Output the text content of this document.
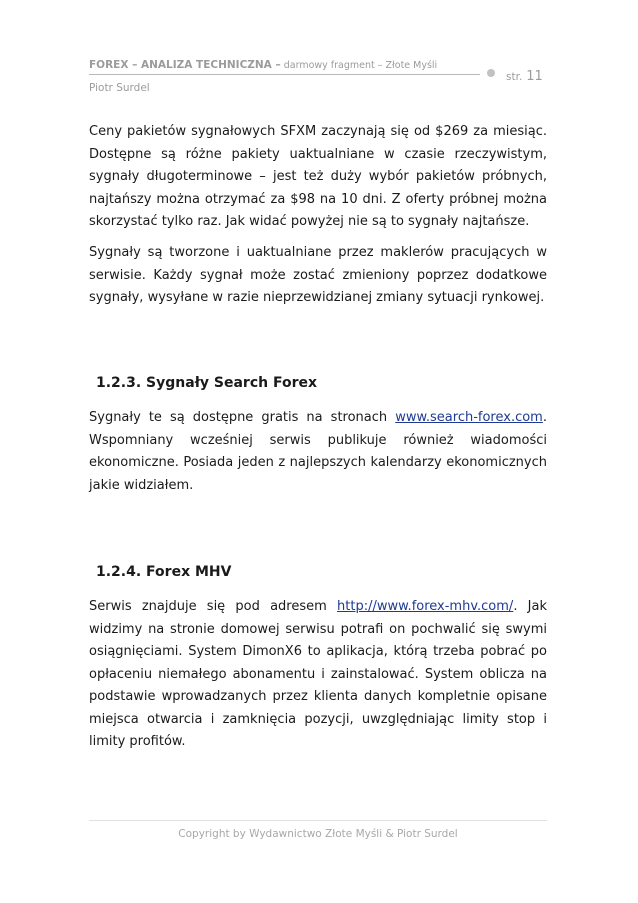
FOREX – ANALIZA TECHNICZNA – darmowy fragment – Złote Myśli
Piotr Surdel
str. 11
Ceny pakietów sygnałowych SFXM zaczynają się od $269 za miesiąc. Dostępne są różne pakiety uaktualniane w czasie rzeczywistym, sygnały długoterminowe – jest też duży wybór pakietów próbnych, najtańszy można otrzymać za $98 na 10 dni. Z oferty próbnej można skorzystać tylko raz. Jak widać powyżej nie są to sygnały najtańsze.
Sygnały są tworzone i uaktualniane przez maklerów pracujących w serwisie. Każdy sygnał może zostać zmieniony poprzez dodatkowe sygnały, wysyłane w razie nieprzewidzianej zmiany sytuacji rynkowej.
1.2.3. Sygnały Search Forex
Sygnały te są dostępne gratis na stronach www.search-forex.com. Wspomniany wcześniej serwis publikuje również wiadomości ekonomiczne. Posiada jeden z najlepszych kalendarzy ekonomicznych jakie widziałem.
1.2.4. Forex MHV
Serwis znajduje się pod adresem http://www.forex-mhv.com/. Jak widzimy na stronie domowej serwisu potrafi on pochwalić się swymi osiągnięciami. System DimonX6 to aplikacja, którą trzeba pobrać po opłaceniu niemałego abonamentu i zainstalować. System oblicza na podstawie wprowadzanych przez klienta danych kompletnie opisane miejsca otwarcia i zamknięcia pozycji, uwzględniając limity stop i limity profitów.
Copyright by Wydawnictwo Złote Myśli & Piotr Surdel
